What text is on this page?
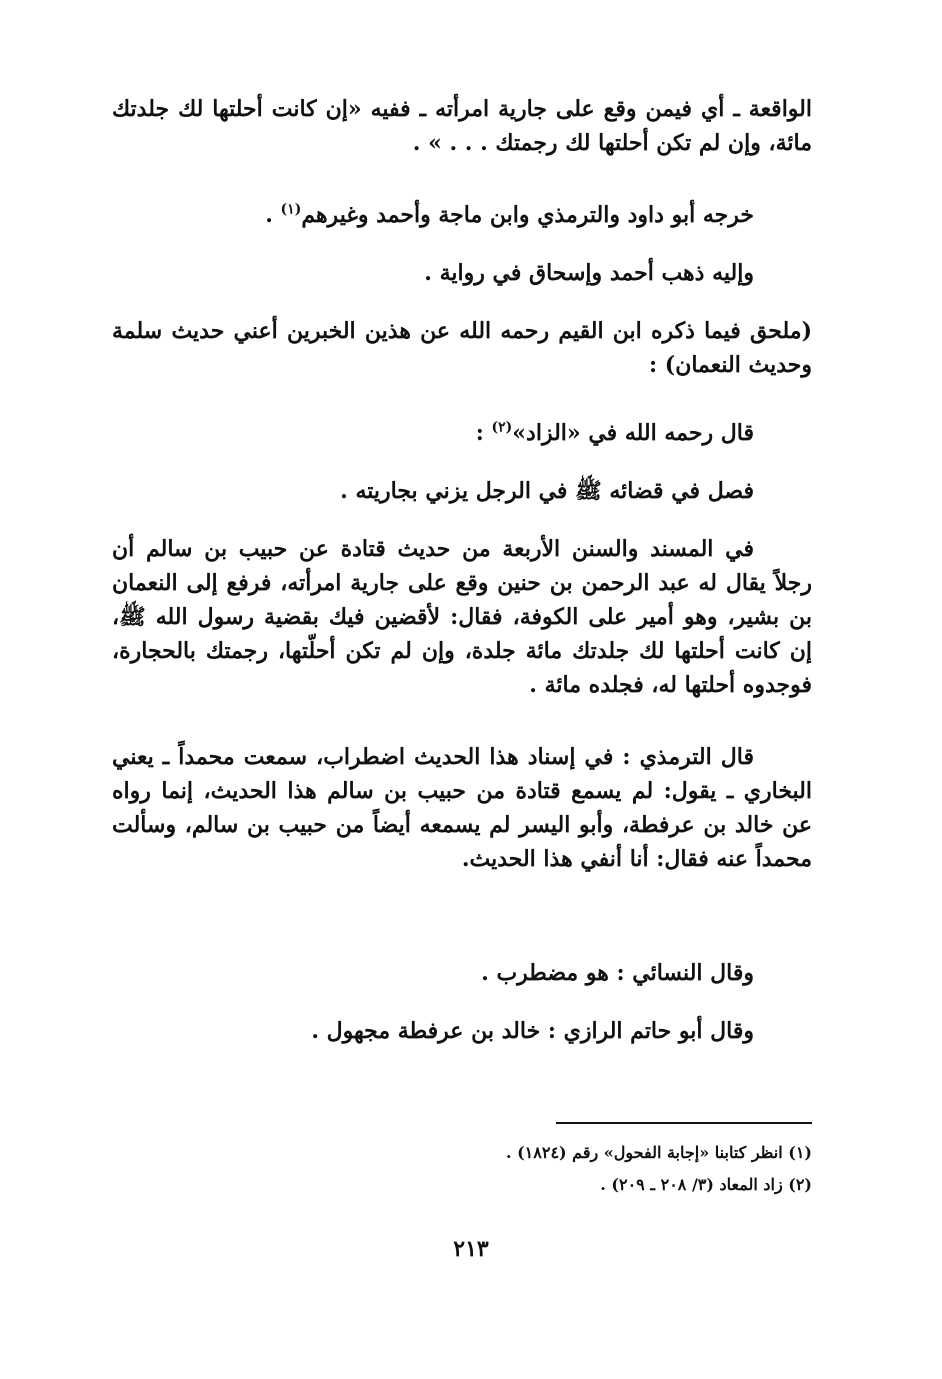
الواقعة ـ أي فيمن وقع على جارية امرأته ـ ففيه «إن كانت أحلتها لك جلدتك مائة، وإن لم تكن أحلتها لك رجمتك . . . » .

خرجه أبو داود والترمذي وابن ماجة وأحمد وغيرهم$^{(١)}$ .

وإليه ذهب أحمد وإسحاق في رواية .

(ملحق فيما ذكره ابن القيم رحمه الله عن هذين الخبرين أعني حديث سلمة وحديث النعمان) :

قال رحمه الله في «الزاد»$^{(٢)}$ :

فصل في قضائه ﷺ في الرجل يزني بجاريته .

في المسند والسنن الأربعة من حديث قتادة عن حبيب بن سالم أن رجلاً يقال له عبد الرحمن بن حنين وقع على جارية امرأته، فرفع إلى النعمان بن بشير، وهو أمير على الكوفة، فقال: لأقضين فيك بقضية رسول الله ﷺ، إن كانت أحلتها لك جلدتك مائة جلدة، وإن لم تكن أحلّتها، رجمتك بالحجارة، فوجدوه أحلتها له، فجلده مائة .

قال الترمذي : في إسناد هذا الحديث اضطراب، سمعت محمداً ـ يعني البخاري ـ يقول: لم يسمع قتادة من حبيب بن سالم هذا الحديث، إنما رواه عن خالد بن عرفطة، وأبو اليسر لم يسمعه أيضاً من حبيب بن سالم، وسألت محمداً عنه فقال: أنا أنفي هذا الحديث.

وقال النسائي : هو مضطرب .

وقال أبو حاتم الرازي : خالد بن عرفطة مجهول .

(١) انظر كتابنا «إجابة الفحول» رقم (١٨٢٤) .

(٢) زاد المعاد (٣/ ٢٠٨ ـ ٢٠٩) .

٢١٣
